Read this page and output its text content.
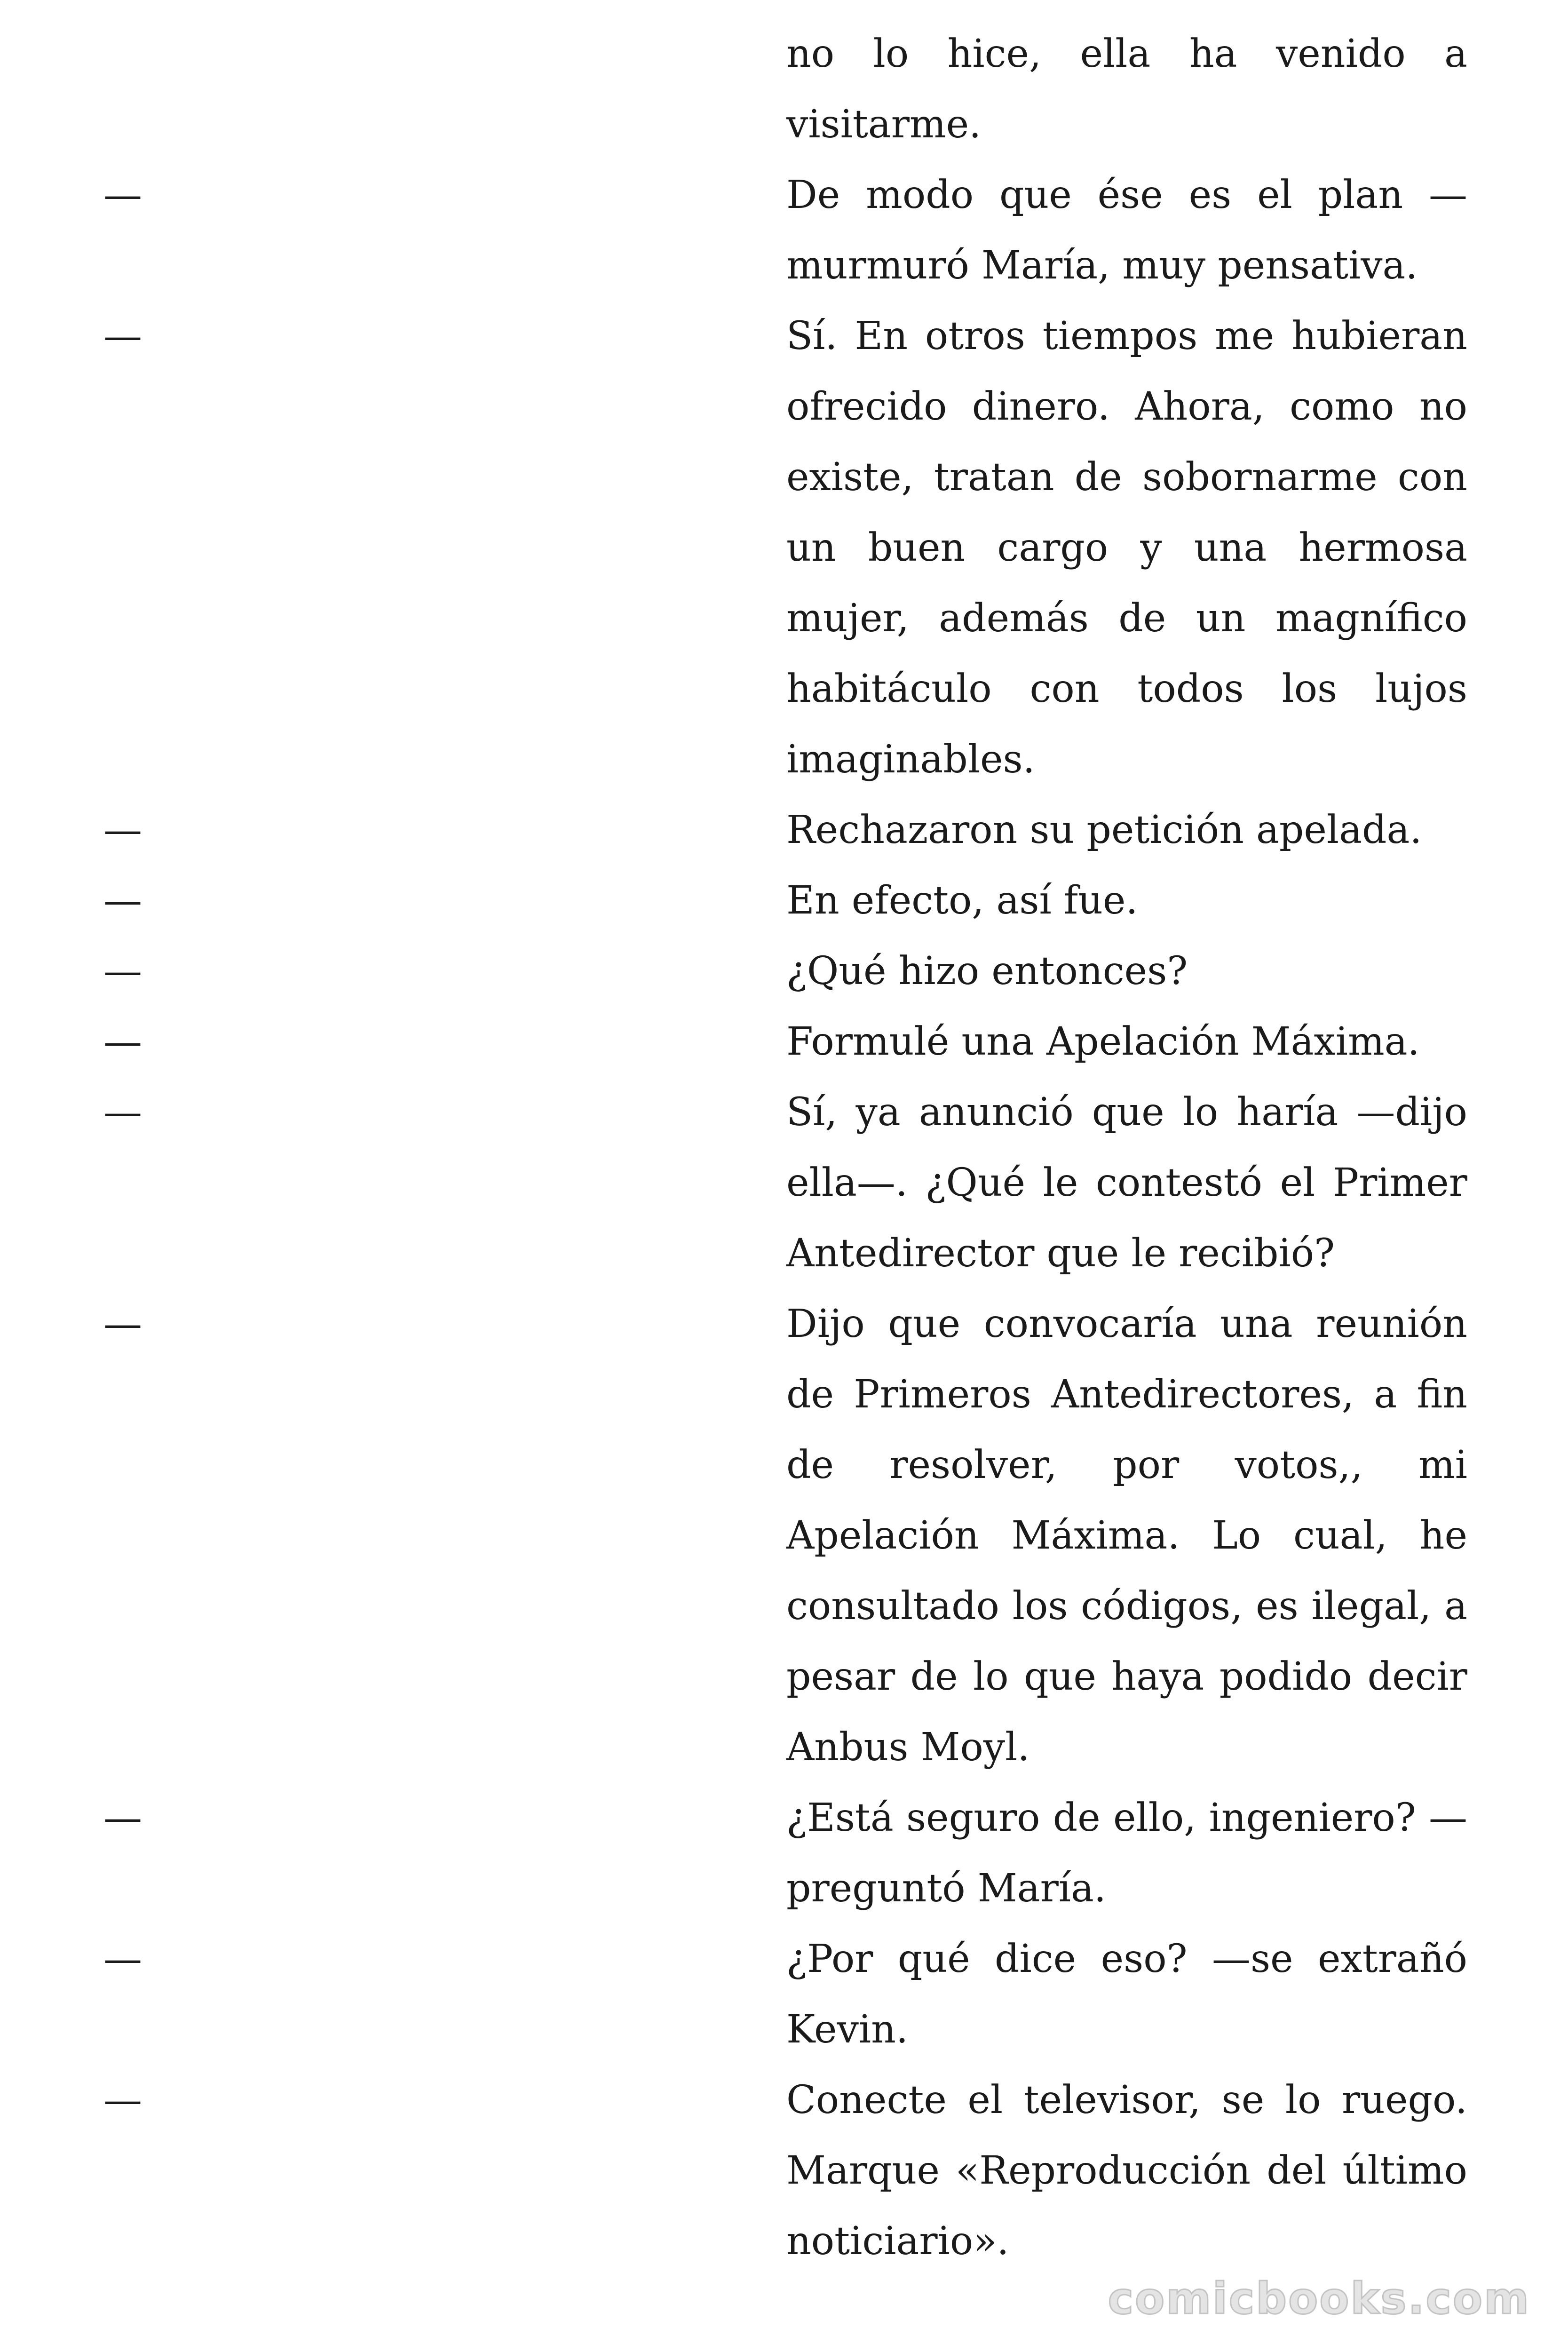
no lo hice, ella ha venido a visitarme.
—	De modo que ése es el plan —murmuró María, muy pensativa.
—	Sí. En otros tiempos me hubieran ofrecido dinero. Ahora, como no existe, tratan de sobornarme con un buen cargo y una hermosa mujer, además de un magnífico habitáculo con todos los lujos imaginables.
—	Rechazaron su petición apelada.
—	En efecto, así fue.
—	¿Qué hizo entonces?
—	Formulé una Apelación Máxima.
—	Sí, ya anunció que lo haría —dijo ella—. ¿Qué le contestó el Primer Antedirector que le recibió?
—	Dijo que convocaría una reunión de Primeros Antedirectores, a fin de resolver, por votos,, mi Apelación Máxima. Lo cual, he consultado los códigos, es ilegal, a pesar de lo que haya podido decir Anbus Moyl.
—	¿Está seguro de ello, ingeniero? —preguntó María.
—	¿Por qué dice eso? —se extrañó Kevin.
—	Conecte el televisor, se lo ruego. Marque «Reproducción del último noticiario».
comicbooks.com
